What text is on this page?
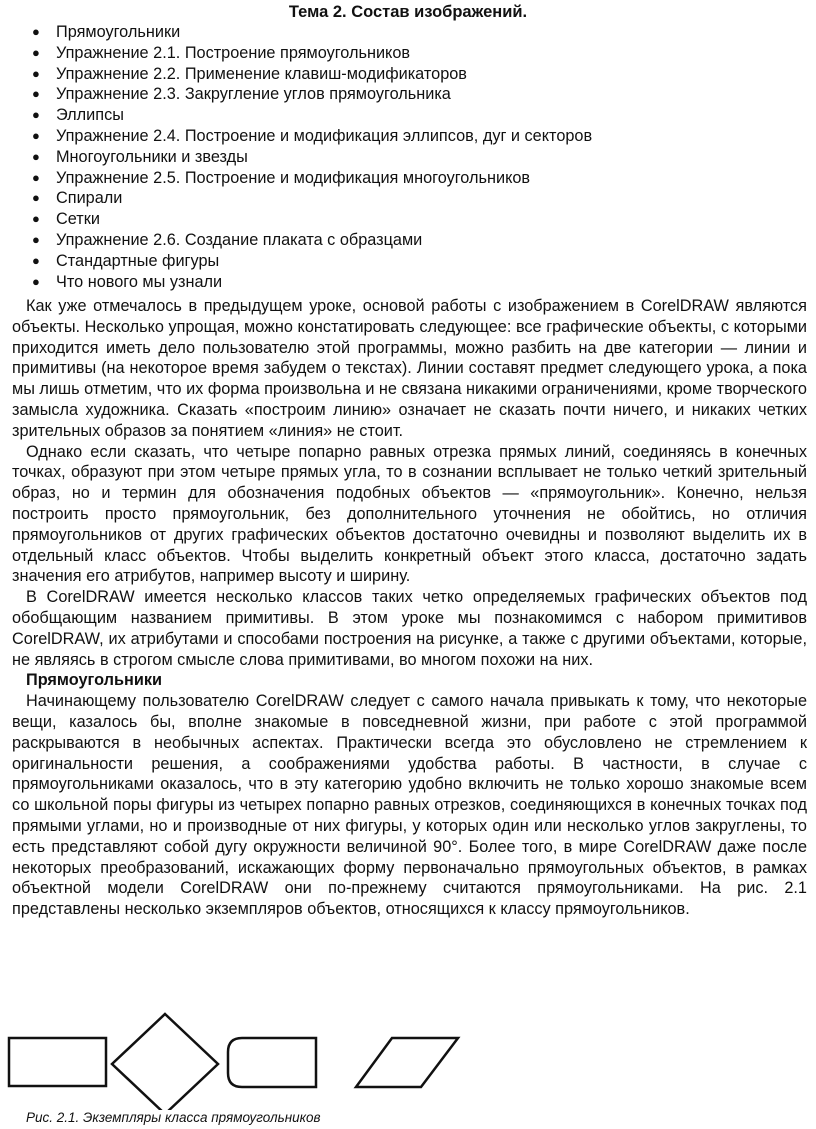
Тема 2. Состав изображений.
● Прямоугольники
● Упражнение 2.1. Построение прямоугольников
● Упражнение 2.2. Применение клавиш-модификаторов
● Упражнение 2.3. Закругление углов прямоугольника
● Эллипсы
● Упражнение 2.4. Построение и модификация эллипсов, дуг и секторов
● Многоугольники и звезды
● Упражнение 2.5. Построение и модификация многоугольников
● Спирали
● Сетки
● Упражнение 2.6. Создание плаката с образцами
● Стандартные фигуры
● Что нового мы узнали

Как уже отмечалось в предыдущем уроке, основой работы с изображением в CorelDRAW являются объекты. Несколько упрощая, можно констатировать следующее: все графические объекты, с которыми приходится иметь дело пользователю этой программы, можно разбить на две категории — линии и примитивы (на некоторое время забудем о текстах). Линии составят предмет следующего урока, а пока мы лишь отметим, что их форма произвольна и не связана никакими ограничениями, кроме творческого замысла художника. Сказать «построим линию» означает не сказать почти ничего, и никаких четких зрительных образов за понятием «линия» не стоит.

Однако если сказать, что четыре попарно равных отрезка прямых линий, соединяясь в конечных точках, образуют при этом четыре прямых угла, то в сознании всплывает не только четкий зрительный образ, но и термин для обозначения подобных объектов — «прямоугольник». Конечно, нельзя построить просто прямоугольник, без дополнительного уточнения не обойтись, но отличия прямоугольников от других графических объектов достаточно очевидны и позволяют выделить их в отдельный класс объектов. Чтобы выделить конкретный объект этого класса, достаточно задать значения его атрибутов, например высоту и ширину.

В CorelDRAW имеется несколько классов таких четко определяемых графических объектов под обобщающим названием примитивы. В этом уроке мы познакомимся с набором примитивов CorelDRAW, их атрибутами и способами построения на рисунке, а также с другими объектами, которые, не являясь в строгом смысле слова примитивами, во многом похожи на них.

Прямоугольники

Начинающему пользователю CorelDRAW следует с самого начала привыкать к тому, что некоторые вещи, казалось бы, вполне знакомые в повседневной жизни, при работе с этой программой раскрываются в необычных аспектах. Практически всегда это обусловлено не стремлением к оригинальности решения, а соображениями удобства работы. В частности, в случае с прямоугольниками оказалось, что в эту категорию удобно включить не только хорошо знакомые всем со школьной поры фигуры из четырех попарно равных отрезков, соединяющихся в конечных точках под прямыми углами, но и производные от них фигуры, у которых один или несколько углов закруглены, то есть представляют собой дугу окружности величиной 90°. Более того, в мире CorelDRAW даже после некоторых преобразований, искажающих форму первоначально прямоугольных объектов, в рамках объектной модели CorelDRAW они по-прежнему считаются прямоугольниками. На рис. 2.1 представлены несколько экземпляров объектов, относящихся к классу прямоугольников.

Рис. 2.1. Экземпляры класса прямоугольников
